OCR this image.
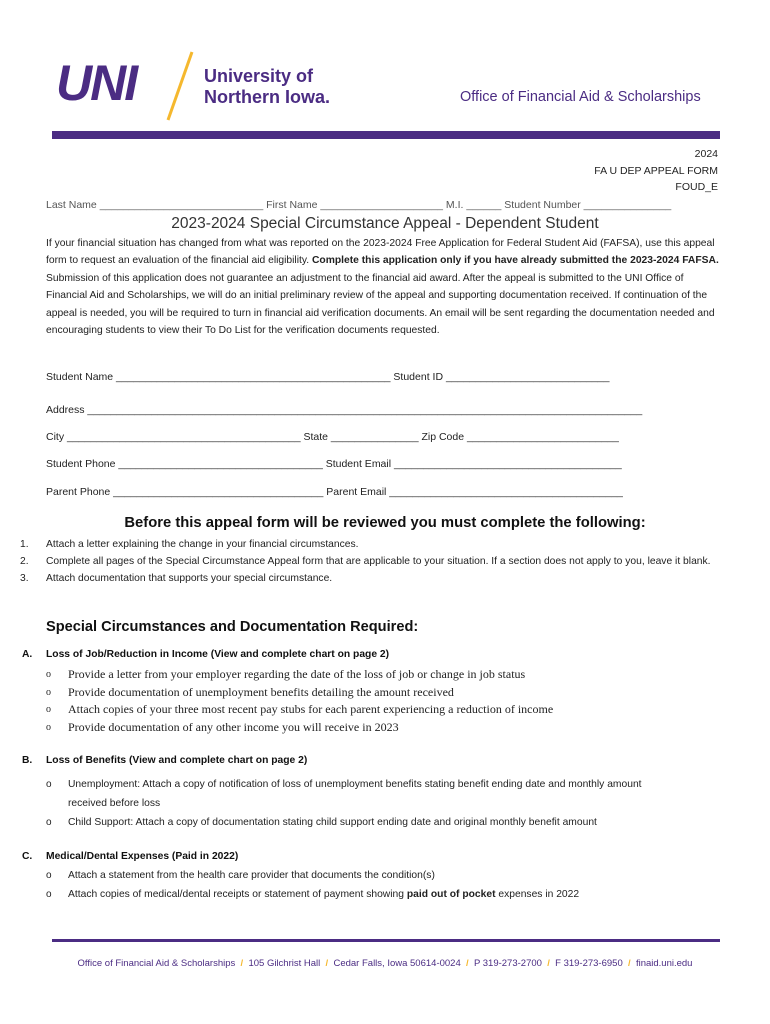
UNI	University of
Northern Iowa.	Office of Financial Aid & Scholarships
2024
FA U DEP APPEAL FORM
FOUD_E
Last Name ____________________________ First Name _____________________ M.I. ______ Student Number _______________
2023-2024 Special Circumstance Appeal - Dependent Student

If your financial situation has changed from what was reported on the 2023-2024 Free Application for Federal Student Aid (FAFSA), use this appeal form to request an evaluation of the financial aid eligibility. Complete this application only if you have already submitted the 2023-2024 FAFSA. Submission of this application does not guarantee an adjustment to the financial aid award. After the appeal is submitted to the UNI Office of Financial Aid and Scholarships, we will do an initial preliminary review of the appeal and supporting documentation received. If continuation of the appeal is needed, you will be required to turn in financial aid verification documents. An email will be sent regarding the documentation needed and encouraging students to view their To Do List for the verification documents requested.

Student Name _______________________________________________ Student ID ____________________________
Address _______________________________________________________________________________________________
City ________________________________________ State _______________ Zip Code __________________________
Student Phone ___________________________________ Student Email _______________________________________
Parent Phone ____________________________________ Parent Email ________________________________________
Before this appeal form will be reviewed you must complete the following:
1.	Attach a letter explaining the change in your financial circumstances.
2.	Complete all pages of the Special Circumstance Appeal form that are applicable to your situation. If a section does not apply to you, leave it blank.
3.	Attach documentation that supports your special circumstance.
Special Circumstances and Documentation Required:
A.	Loss of Job/Reduction in Income (View and complete chart on page 2)
o	Provide a letter from your employer regarding the date of the loss of job or change in job status
o	Provide documentation of unemployment benefits detailing the amount received
o	Attach copies of your three most recent pay stubs for each parent experiencing a reduction of income
o	Provide documentation of any other income you will receive in 2023
B.	Loss of Benefits (View and complete chart on page 2)
o	Unemployment: Attach a copy of notification of loss of unemployment benefits stating benefit ending date and monthly amount received before loss
o	Child Support: Attach a copy of documentation stating child support ending date and original monthly benefit amount
C.	Medical/Dental Expenses (Paid in 2022)
o	Attach a statement from the health care provider that documents the condition(s)
o	Attach copies of medical/dental receipts or statement of payment showing paid out of pocket expenses in 2022
Office of Financial Aid & Scholarships / 105 Gilchrist Hall / Cedar Falls, Iowa 50614-0024 / P 319-273-2700 / F 319-273-6950 / finaid.uni.edu
